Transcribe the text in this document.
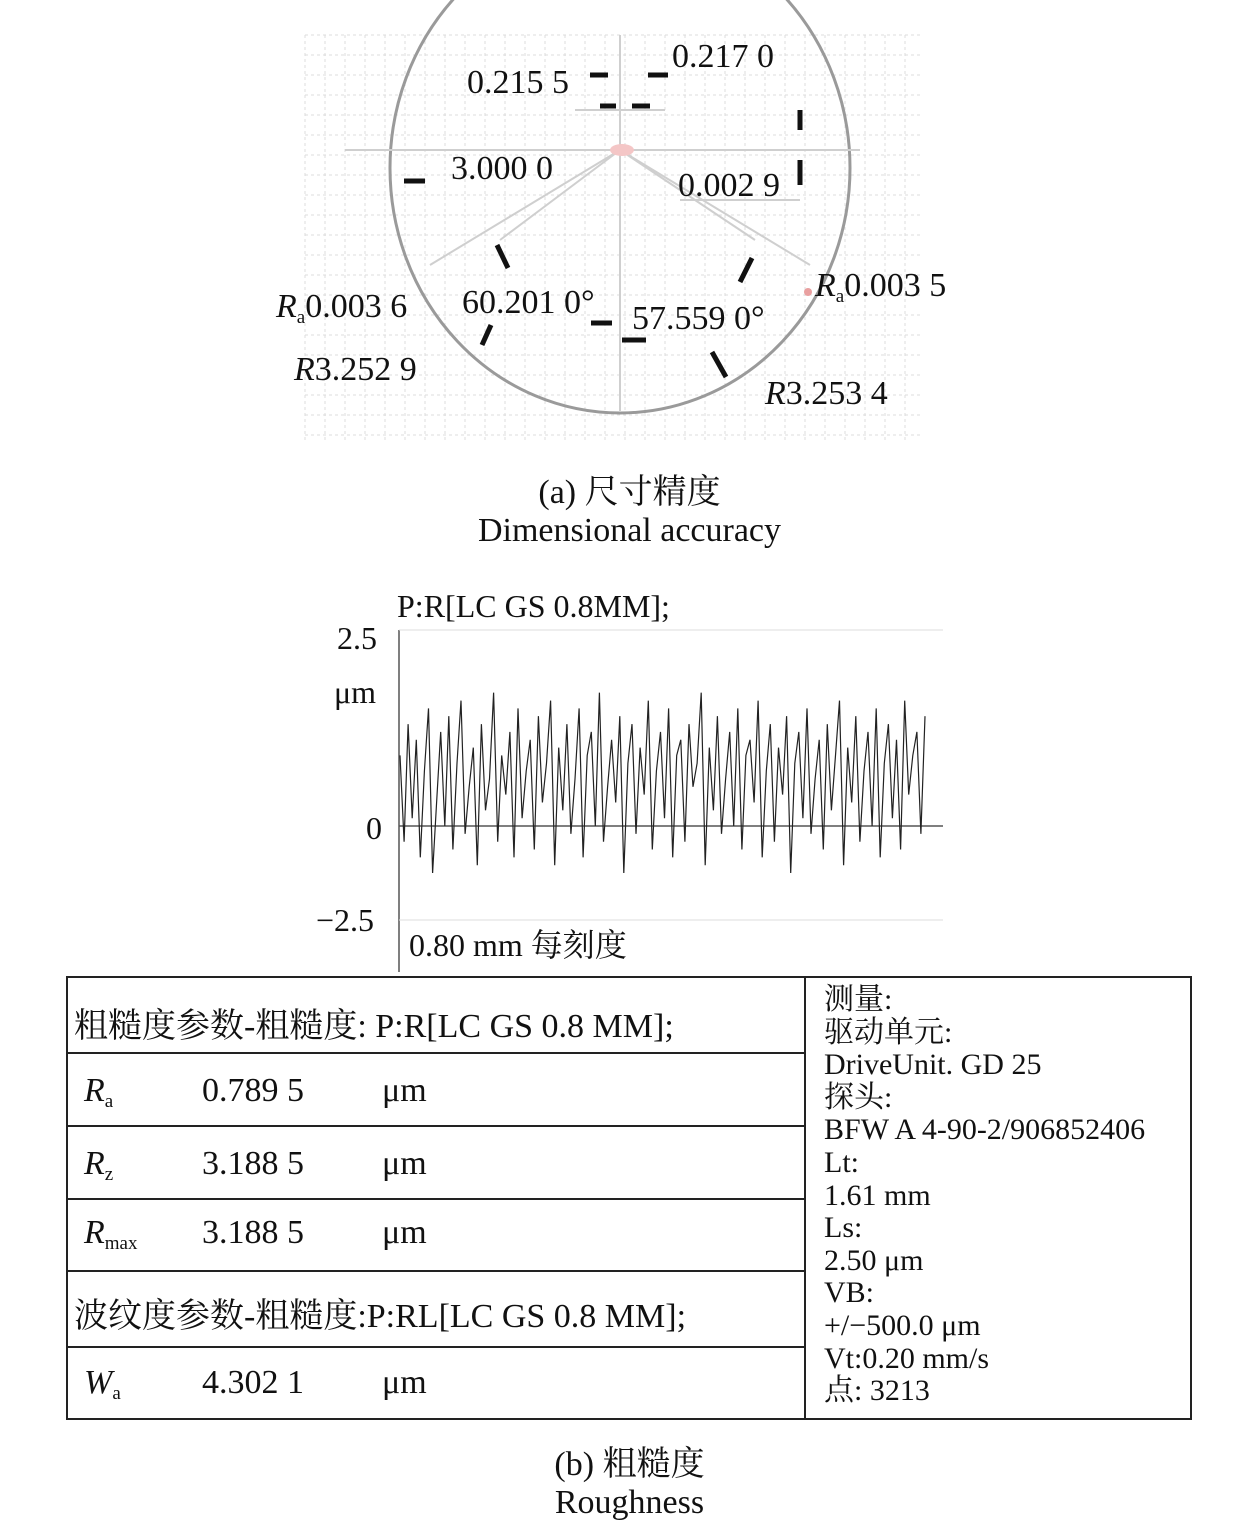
0.217 0
0.215 5
3.000 0	0.002 9
$R_a0.003$ 6
$R_a0.003$ 5
60.201 0° 57.559 0°
R3.252 9
R3.253 4
(a) 尺寸精度
Dimensional accuracy
P:R[LC GS 0.8MM];
2.5
μm
0
−2.5
0.80 mm 每刻度
粗糙度参数-粗糙度: P:R[LC GS 0.8 MM];
$R_a$	0.789 5 μm
$R_z$	3.188 5 μm
$R_{max}$ 3.188 5 μm
波纹度参数-粗糙度:P:RL[LC GS 0.8 MM];
$W_a$ 4.302 1 μm
测量:
驱动单元:
DriveUnit. GD 25
探头:
BFW A 4-90-2/906852406
Lt:
1.61 mm
Ls:
2.50 μm
VB:
+/−500.0 μm
Vt:0.20 mm/s
点: 3213
(b) 粗糙度
Roughness
